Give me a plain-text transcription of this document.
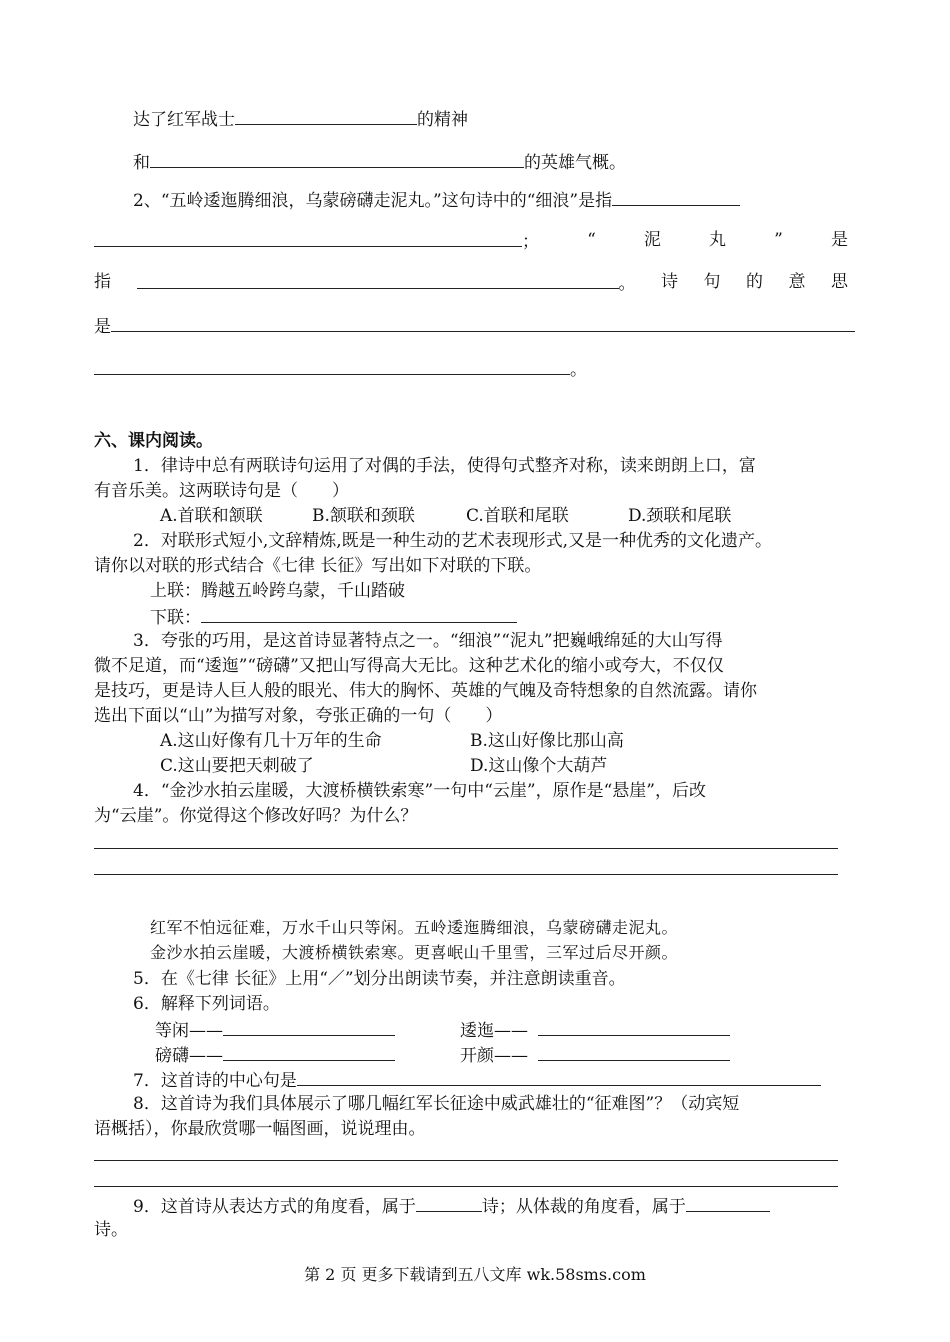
达了红军战士	的精神
和	的英雄气概。
2、“五岭逶迤腾细浪，乌蒙磅礴走泥丸。”这句诗中的“细浪”是指
；	“	泥	丸	”	是
指	。 诗 句 的 意 思
是
。
六、课内阅读。
1．律诗中总有两联诗句运用了对偶的手法，使得句式整齐对称，读来朗朗上口，富
有音乐美。这两联诗句是（　　）
A.首联和颔联	B.颔联和颈联	C.首联和尾联	D.颈联和尾联
2．对联形式短小,文辞精炼,既是一种生动的艺术表现形式,又是一种优秀的文化遗产。
请你以对联的形式结合《七律 长征》写出如下对联的下联。
上联：腾越五岭跨乌蒙，千山踏破
下联：
3．夸张的巧用，是这首诗显著特点之一。“细浪”“泥丸”把巍峨绵延的大山写得
微不足道，而“逶迤”“磅礴”又把山写得高大无比。这种艺术化的缩小或夸大，不仅仅
是技巧，更是诗人巨人般的眼光、伟大的胸怀、英雄的气魄及奇特想象的自然流露。请你
选出下面以“山”为描写对象，夸张正确的一句（　　）
A.这山好像有几十万年的生命	B.这山好像比那山高
C.这山要把天刺破了	D.这山像个大葫芦
4．“金沙水拍云崖暖，大渡桥横铁索寒”一句中“云崖”，原作是“悬崖”，后改
为“云崖”。你觉得这个修改好吗？为什么？
红军不怕远征难，万水千山只等闲。五岭逶迤腾细浪，乌蒙磅礴走泥丸。
金沙水拍云崖暖，大渡桥横铁索寒。更喜岷山千里雪，三军过后尽开颜。
5．在《七律 长征》上用“／”划分出朗读节奏，并注意朗读重音。
6．解释下列词语。
等闲——	逶迤——
磅礴——	开颜——
7．这首诗的中心句是
8．这首诗为我们具体展示了哪几幅红军长征途中威武雄壮的“征难图”？（动宾短
语概括），你最欣赏哪一幅图画，说说理由。
9．这首诗从表达方式的角度看，属于	诗；从体裁的角度看，属于
诗。
第 2 页 更多下载请到五八文库 wk.58sms.com
